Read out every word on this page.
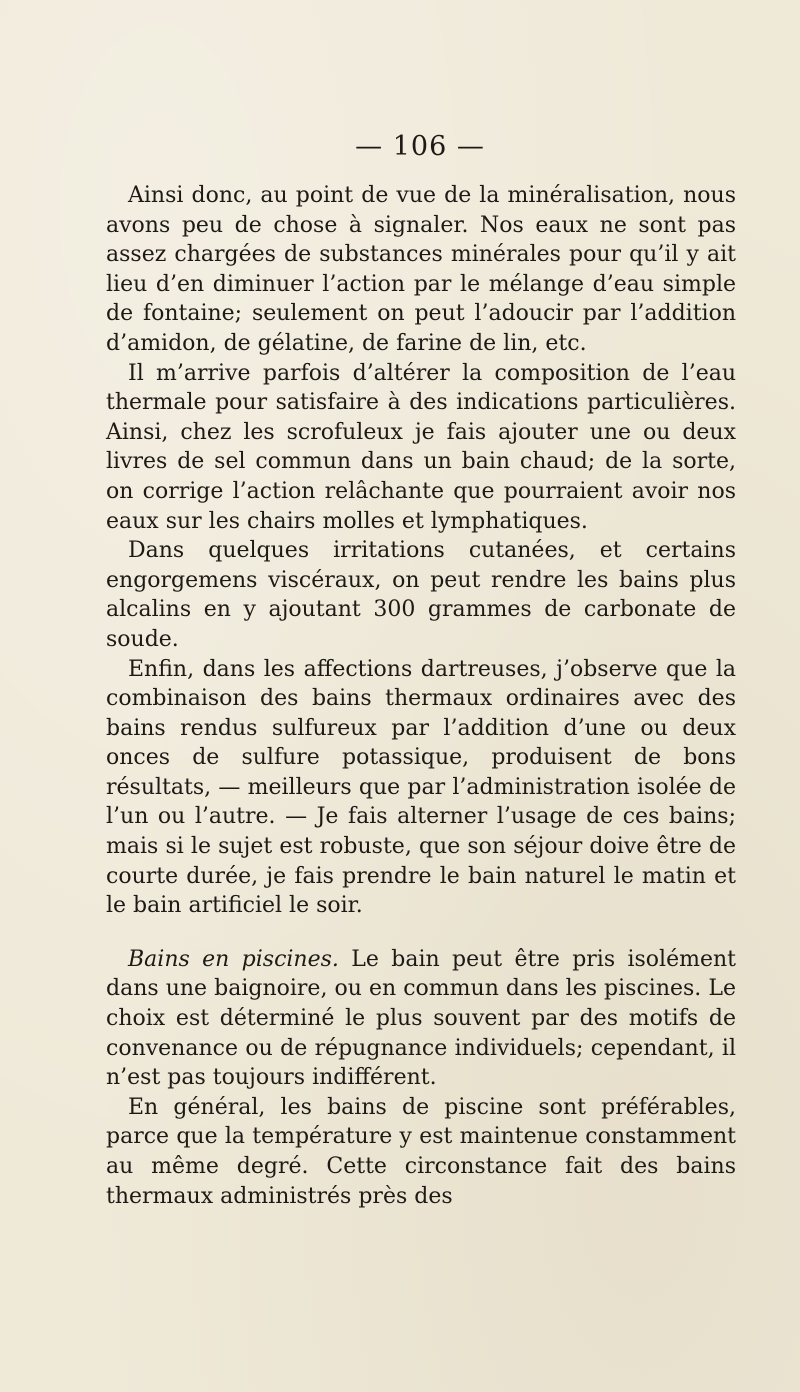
— 106 —

Ainsi donc, au point de vue de la minéralisation, nous avons peu de chose à signaler. Nos eaux ne sont pas assez chargées de substances minérales pour qu’il y ait lieu d’en diminuer l’action par le mélange d’eau simple de fontaine; seulement on peut l’adoucir par l’addition d’amidon, de gélatine, de farine de lin, etc.

Il m’arrive parfois d’altérer la composition de l’eau thermale pour satisfaire à des indications particulières. Ainsi, chez les scrofuleux je fais ajouter une ou deux livres de sel commun dans un bain chaud; de la sorte, on corrige l’action relâchante que pourraient avoir nos eaux sur les chairs molles et lymphatiques.

Dans quelques irritations cutanées, et certains engorgemens viscéraux, on peut rendre les bains plus alcalins en y ajoutant 300 grammes de carbonate de soude.

Enfin, dans les affections dartreuses, j’observe que la combinaison des bains thermaux ordinaires avec des bains rendus sulfureux par l’addition d’une ou deux onces de sulfure potassique, produisent de bons résultats, — meilleurs que par l’administration isolée de l’un ou l’autre. — Je fais alterner l’usage de ces bains; mais si le sujet est robuste, que son séjour doive être de courte durée, je fais prendre le bain naturel le matin et le bain artificiel le soir.

Bains en piscines. Le bain peut être pris isolément dans une baignoire, ou en commun dans les piscines. Le choix est déterminé le plus souvent par des motifs de convenance ou de répugnance individuels; cependant, il n’est pas toujours indifférent.

En général, les bains de piscine sont préférables, parce que la température y est maintenue constamment au même degré. Cette circonstance fait des bains thermaux administrés près des
